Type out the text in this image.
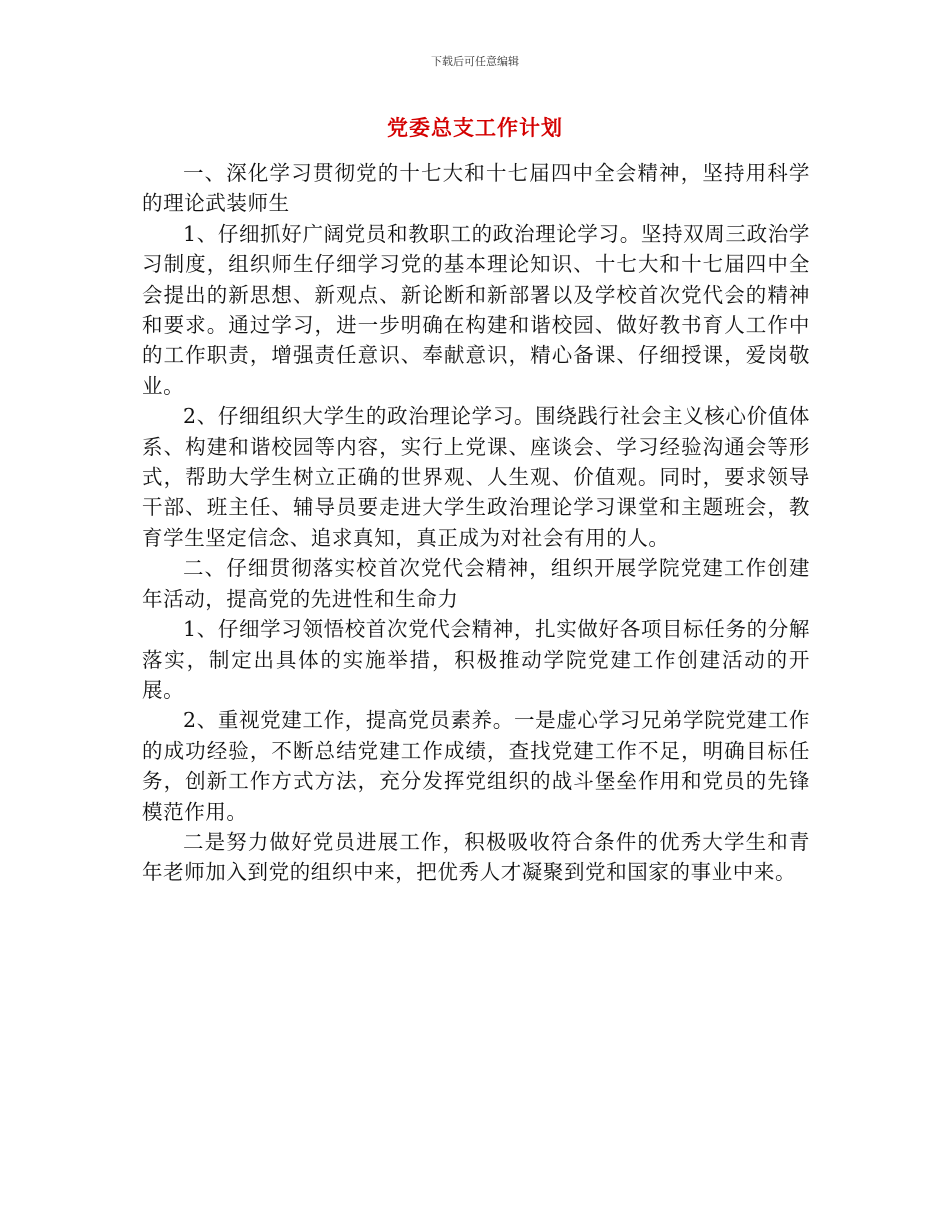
下载后可任意编辑
党委总支工作计划

一、深化学习贯彻党的十七大和十七届四中全会精神，坚持用科学的理论武装师生

1、仔细抓好广阔党员和教职工的政治理论学习。坚持双周三政治学习制度，组织师生仔细学习党的基本理论知识、十七大和十七届四中全会提出的新思想、新观点、新论断和新部署以及学校首次党代会的精神和要求。通过学习，进一步明确在构建和谐校园、做好教书育人工作中的工作职责，增强责任意识、奉献意识，精心备课、仔细授课，爱岗敬业。

2、仔细组织大学生的政治理论学习。围绕践行社会主义核心价值体系、构建和谐校园等内容，实行上党课、座谈会、学习经验沟通会等形式，帮助大学生树立正确的世界观、人生观、价值观。同时，要求领导干部、班主任、辅导员要走进大学生政治理论学习课堂和主题班会，教育学生坚定信念、追求真知，真正成为对社会有用的人。

二、仔细贯彻落实校首次党代会精神，组织开展学院党建工作创建年活动，提高党的先进性和生命力

1、仔细学习领悟校首次党代会精神，扎实做好各项目标任务的分解落实，制定出具体的实施举措，积极推动学院党建工作创建活动的开展。

2、重视党建工作，提高党员素养。一是虚心学习兄弟学院党建工作的成功经验，不断总结党建工作成绩，查找党建工作不足，明确目标任务，创新工作方式方法，充分发挥党组织的战斗堡垒作用和党员的先锋模范作用。

二是努力做好党员进展工作，积极吸收符合条件的优秀大学生和青年老师加入到党的组织中来，把优秀人才凝聚到党和国家的事业中来。
